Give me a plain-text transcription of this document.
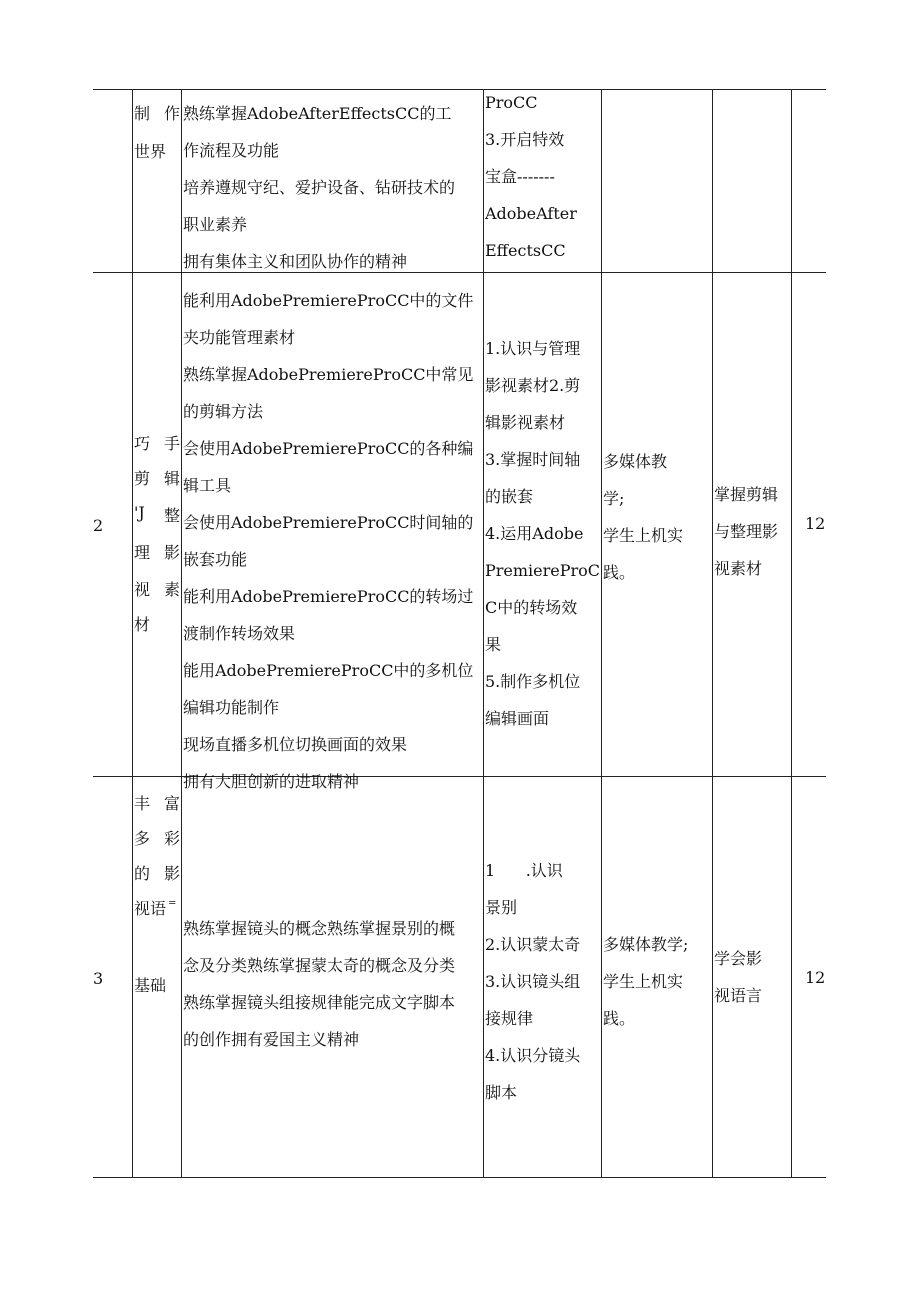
制 作
世 界
熟练掌握AdobeAfterEffectsCC的工
作流程及功能
培养遵规守纪、爱护设备、钻研技术的
职业素养
拥有集体主义和团队协作的精神
ProCC
3.开启特效
宝盒-------
AdobeAfter
EffectsCC
2
巧 手
剪 辑
'J 整
理 影
视 素
材
能利用AdobePremiereProCC中的文件
夹功能管理素材
熟练掌握AdobePremiereProCC中常见
的剪辑方法
会使用AdobePremiereProCC的各种编
辑工具
会使用AdobePremiereProCC时间轴的
嵌套功能
能利用AdobePremiereProCC的转场过
渡制作转场效果
能用AdobePremiereProCC中的多机位
编辑功能制作
现场直播多机位切换画面的效果
拥有大胆创新的进取精神
1.认识与管理
影视素材2.剪
辑影视素材
3.掌握时间轴
的嵌套
4.运用Adobe
PremiereProC
C中的转场效
果
5.制作多机位
编辑画面
多媒体教
学;
学生上机实
践。
掌握剪辑
与整理影
视素材
12
3
丰 富
多 彩
的 影
视 语 =
基础
熟练掌握镜头的概念熟练掌握景别的概
念及分类熟练掌握蒙太奇的概念及分类
熟练掌握镜头组接规律能完成文字脚本
的创作拥有爱国主义精神
1      .认识
景别
2.认识蒙太奇
3.认识镜头组
接规律
4.认识分镜头
脚本
多媒体教学;
学生上机实
践。
学会影
视语言
12
